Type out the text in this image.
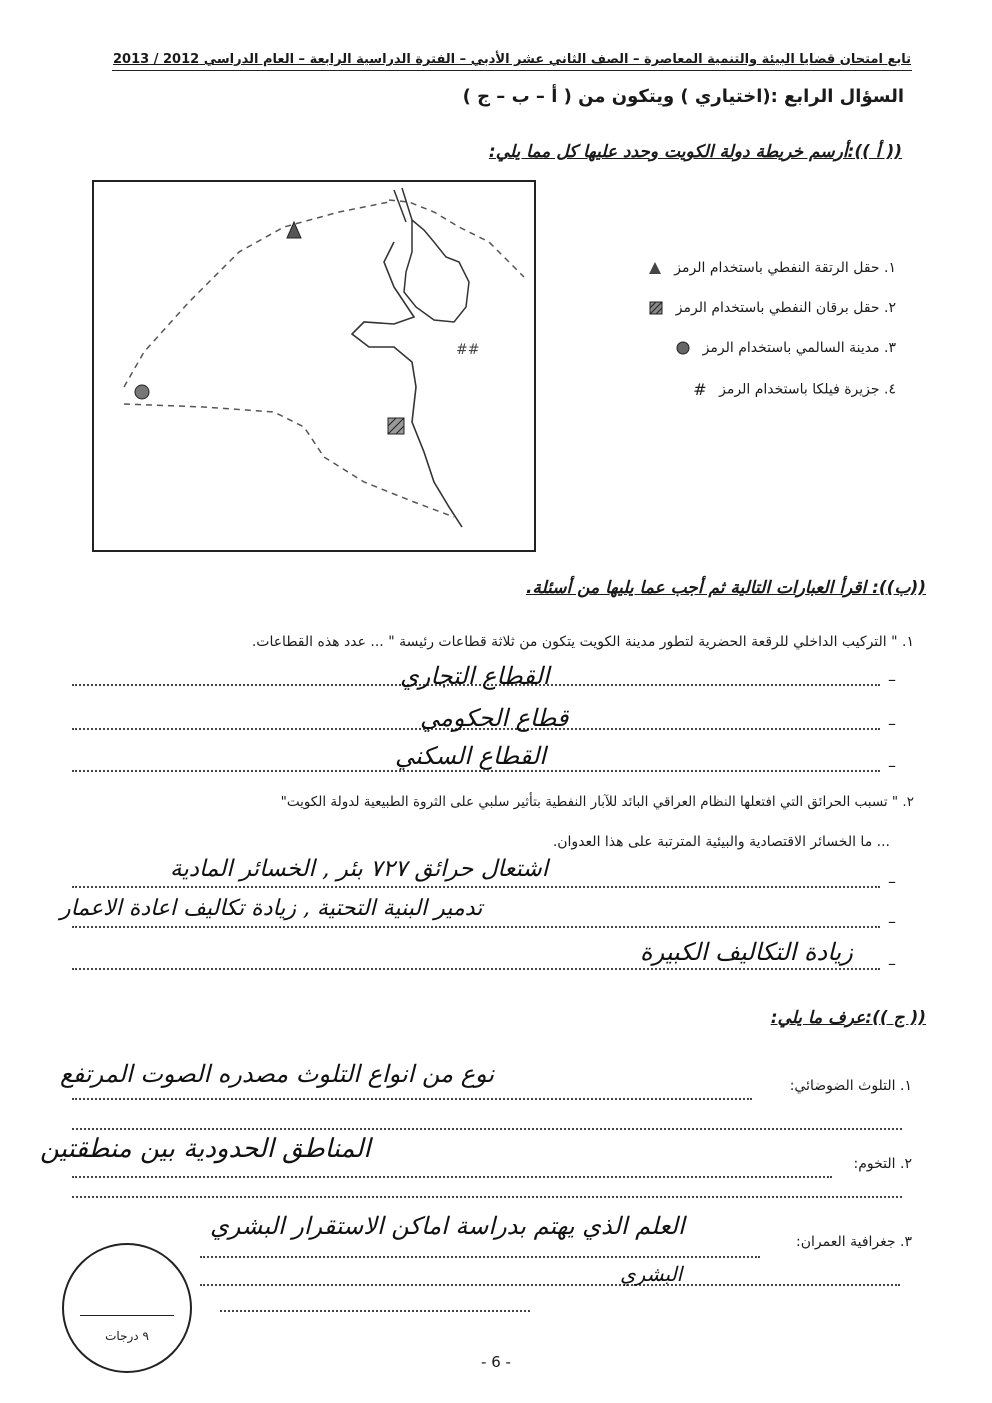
تابع امتحان قضايا البيئة والتنمية المعاصرة – الصف الثاني عشر الأدبي – الفترة الدراسية الرابعة – العام الدراسي 2012 / 2013
السؤال الرابع :(اختياري ) ويتكون من ( أ – ب – ج )
(( أ )):أرسم خريطة دولة الكويت وحدد عليها كل مما يلي:
##
١. حقل الرتقة النفطي باستخدام الرمز
٢. حقل برقان النفطي باستخدام الرمز
٣. مدينة السالمي باستخدام الرمز
٤. جزيرة فيلكا باستخدام الرمز #
((ب)): اقرأ العبارات التالية ثم أجب عما يليها من أسئلة.
١. " التركيب الداخلي للرقعة الحضرية لتطور مدينة الكويت يتكون من ثلاثة قطاعات رئيسة " ... عدد هذه القطاعات.
–
القطاع التجاري
–
قطاع الحكومي
–
القطاع السكني
٢. " تسبب الحرائق التي افتعلها النظام العراقي البائد للآبار النفطية بتأثير سلبي على الثروة الطبيعية لدولة الكويت"
... ما الخسائر الاقتصادية والبيئية المترتبة على هذا العدوان.
–
اشتعال حرائق ٧٢٧ بئر , الخسائر المادية
–
تدمير البنية التحتية , زيادة تكاليف اعادة الاعمار
–
زيادة التكاليف الكبيرة
(( ج )):عرف ما يلي:
١. التلوث الضوضائي:
نوع من انواع التلوث مصدره الصوت المرتفع
٢. التخوم:
المناطق الحدودية بين منطقتين
٣. جغرافية العمران:
العلم الذي يهتم بدراسة اماكن الاستقرار البشري
البشري
٩ درجات
- 6 -
